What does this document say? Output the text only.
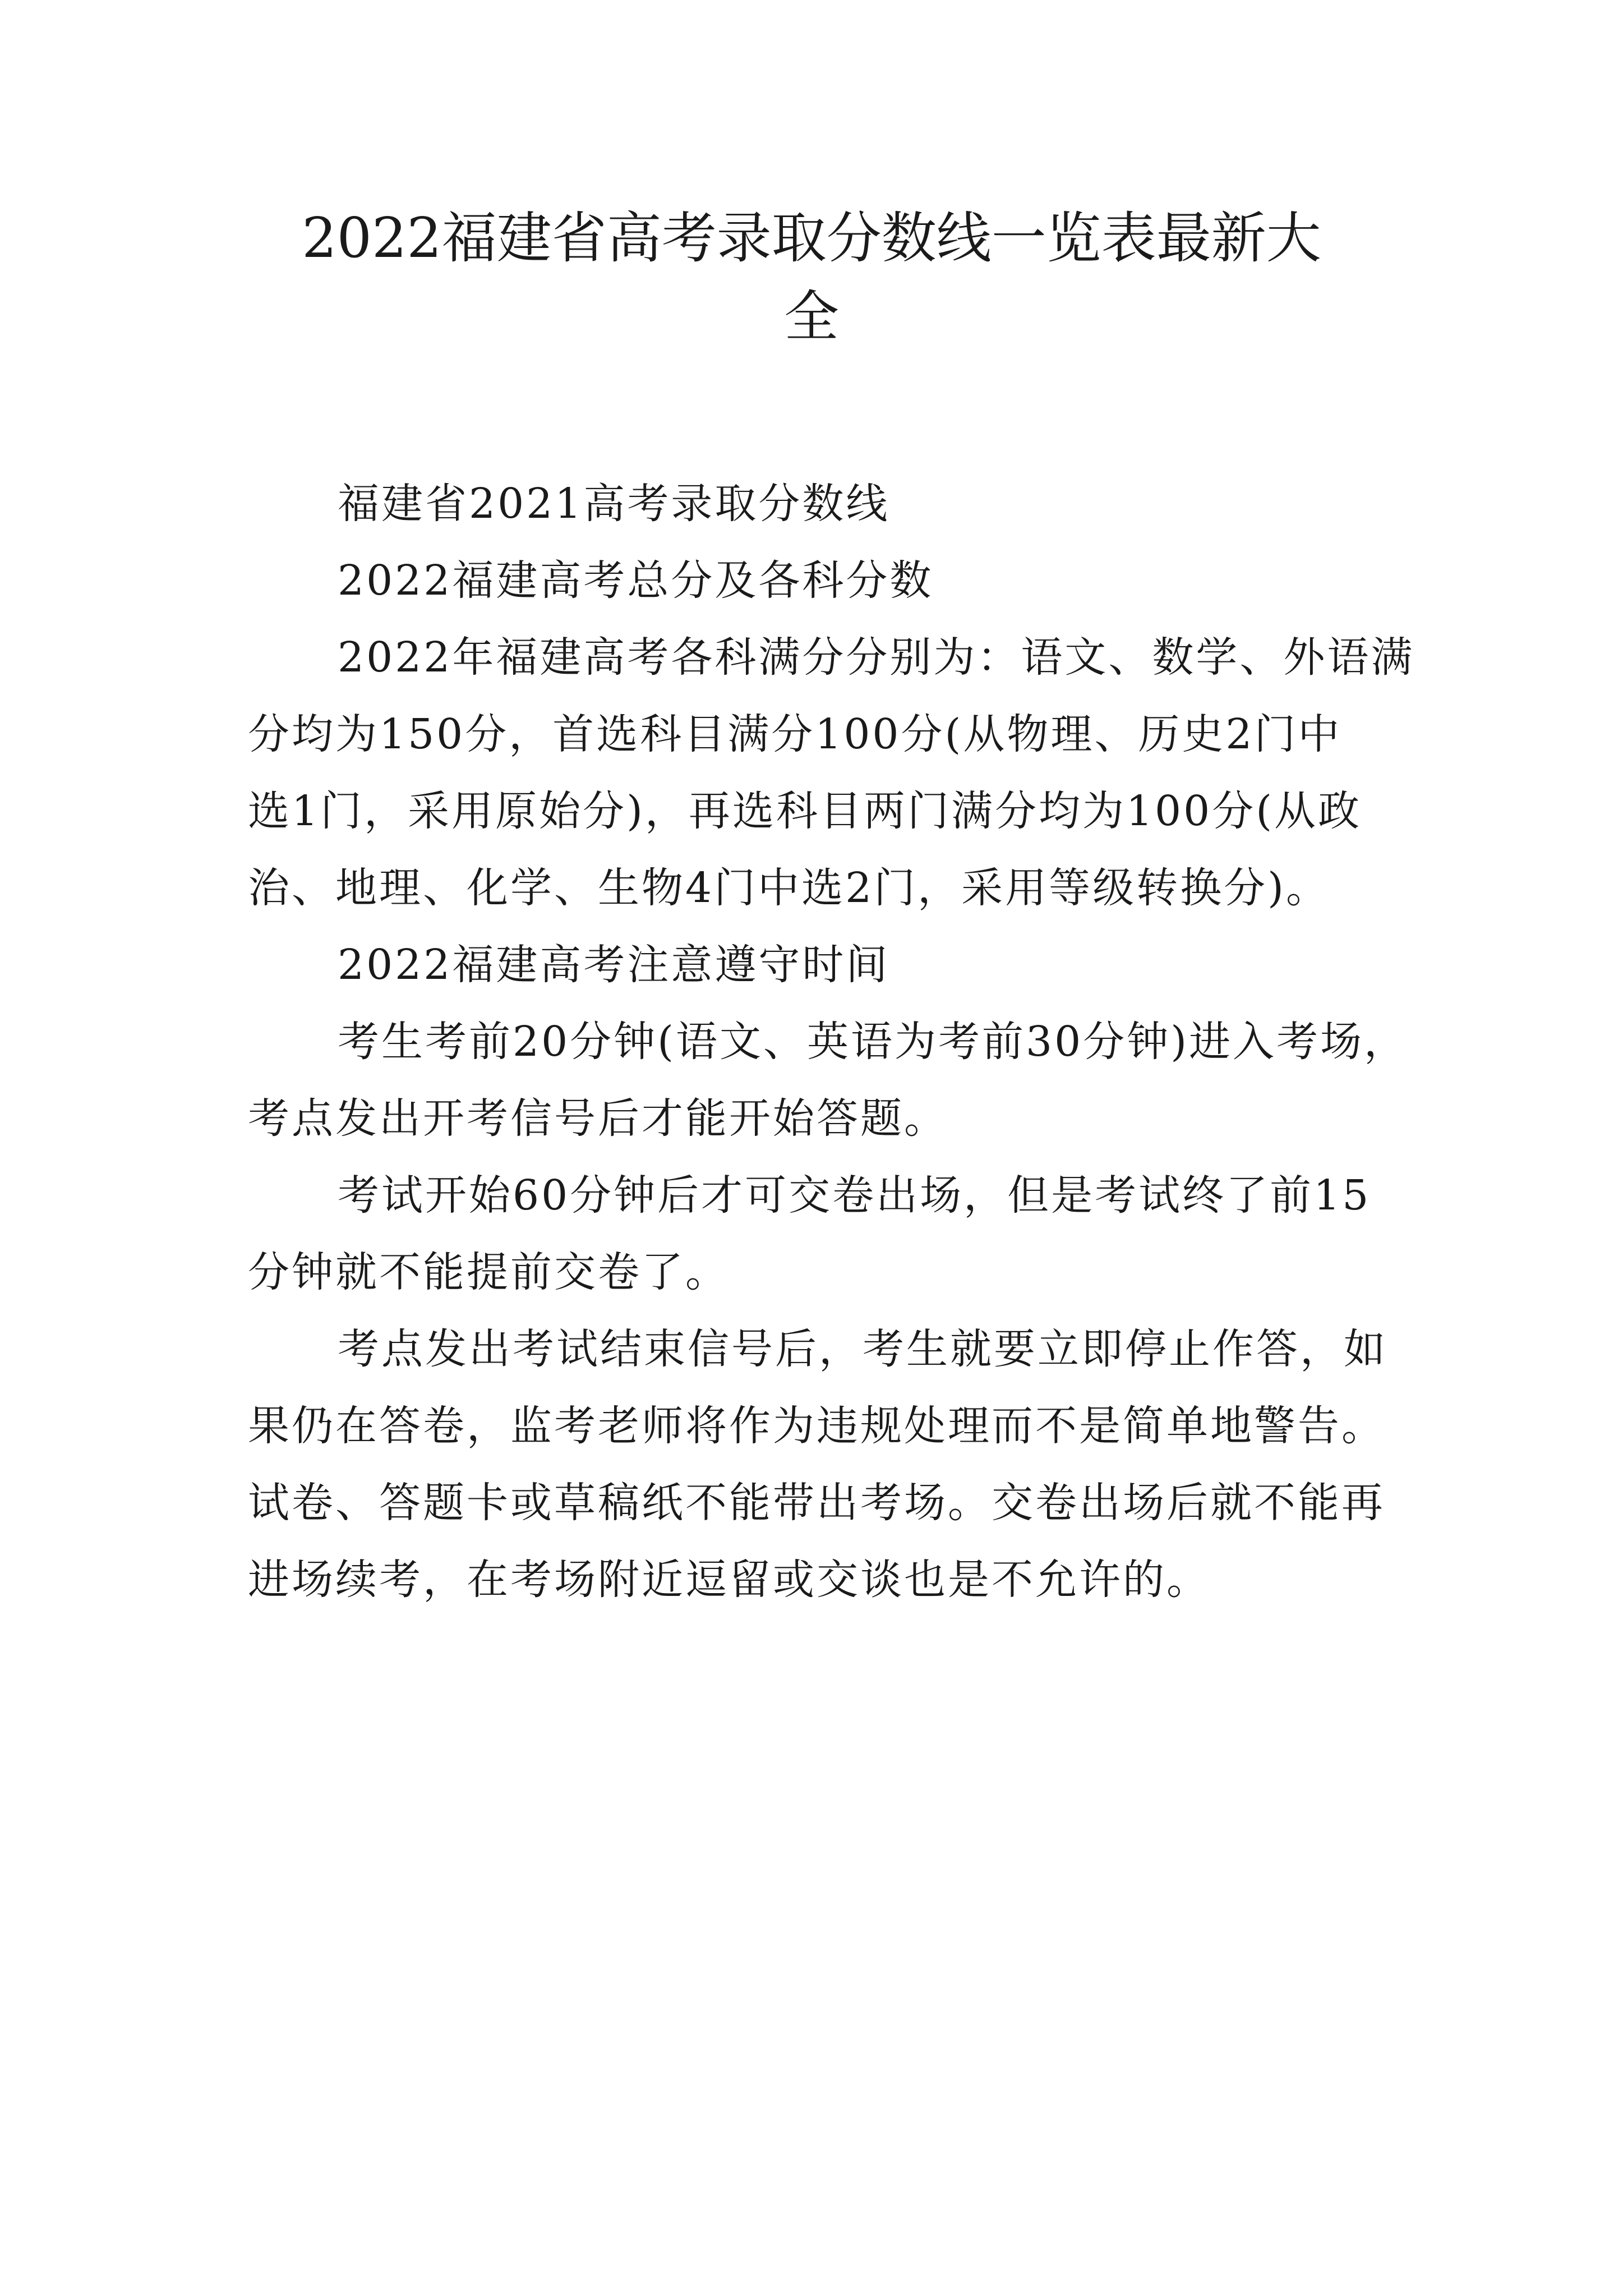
2022福建省高考录取分数线一览表最新大
全

福建省2021高考录取分数线

2022福建高考总分及各科分数

2022年福建高考各科满分分别为：语文、数学、外语满
分均为150分，首选科目满分100分(从物理、历史2门中
选1门，采用原始分)，再选科目两门满分均为100分(从政
治、地理、化学、生物4门中选2门，采用等级转换分)。

2022福建高考注意遵守时间

考生考前20分钟(语文、英语为考前30分钟)进入考场，
考点发出开考信号后才能开始答题。

考试开始60分钟后才可交卷出场，但是考试终了前15
分钟就不能提前交卷了。

考点发出考试结束信号后，考生就要立即停止作答，如
果仍在答卷，监考老师将作为违规处理而不是简单地警告。
试卷、答题卡或草稿纸不能带出考场。交卷出场后就不能再
进场续考，在考场附近逗留或交谈也是不允许的。
